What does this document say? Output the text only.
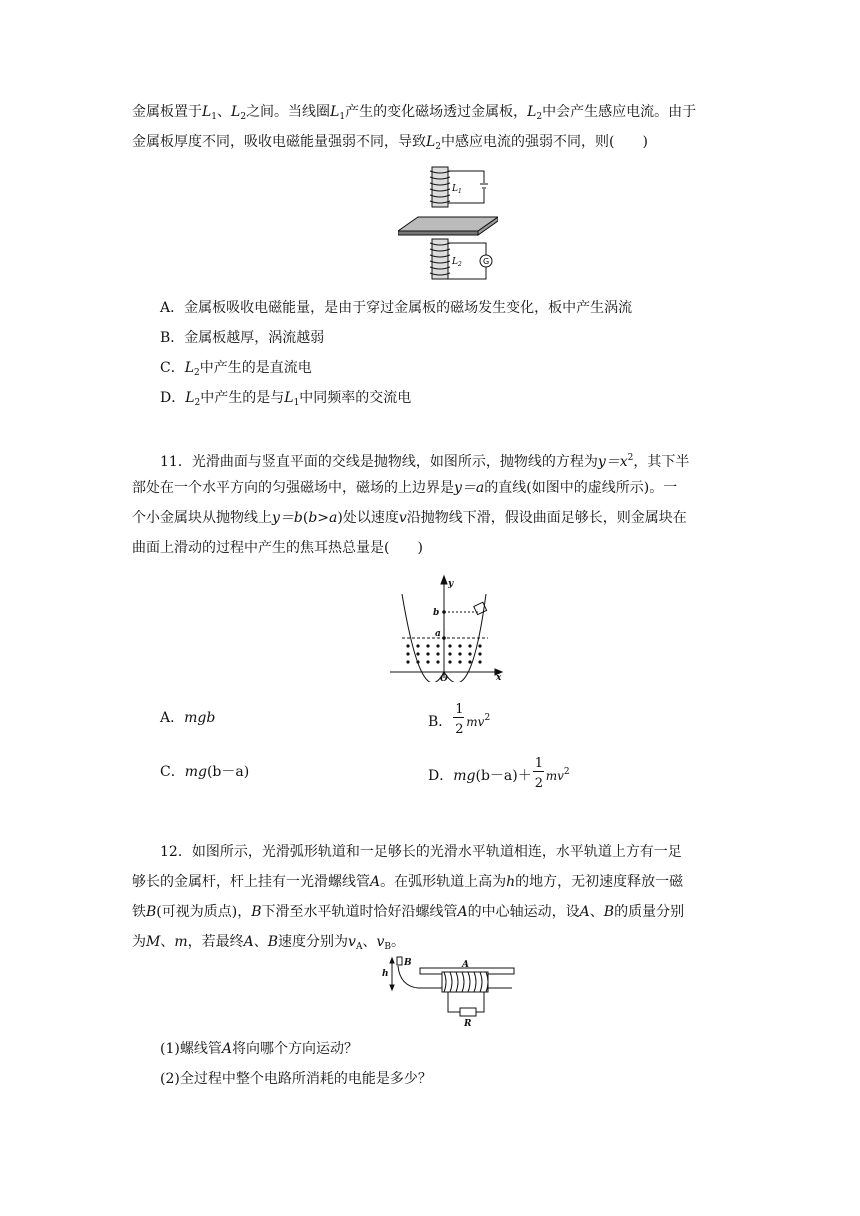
金属板置于$L_1$、$L_2$之间。当线圈$L_1$产生的变化磁场透过金属板，$L_2$中会产生感应电流。由于
金属板厚度不同，吸收电磁能量强弱不同，导致$L_2$中感应电流的强弱不同，则(　　)
$L_1$
$L_2$	G
A．金属板吸收电磁能量，是由于穿过金属板的磁场发生变化，板中产生涡流
B．金属板越厚，涡流越弱
C．$L_2$中产生的是直流电
D．$L_2$中产生的是与$L_1$中同频率的交流电
11．光滑曲面与竖直平面的交线是抛物线，如图所示，抛物线的方程为$y=x^2$，其下半
部处在一个水平方向的匀强磁场中，磁场的上边界是y＝a的直线(如图中的虚线所示)。一
个小金属块从抛物线上y＝b(b>a)处以速度v沿抛物线下滑，假设曲面足够长，则金属块在
曲面上滑动的过程中产生的焦耳热总量是(　　)
y
x
b
a
O
A．mgb	B． $\frac{1}{2} mv^2$
C．mg(b－a)	D．$mg(b-a)+ \frac{1}{2} mv^2$
12．如图所示，光滑弧形轨道和一足够长的光滑水平轨道相连，水平轨道上方有一足
够长的金属杆，杆上挂有一光滑螺线管A。在弧形轨道上高为h的地方，无初速度释放一磁
铁B(可视为质点)，B下滑至水平轨道时恰好沿螺线管A的中心轴运动，设A、B的质量分别
为M、m，若最终A、B速度分别为$v_A$、$v_B$。
h
B	A
R
(1)螺线管A将向哪个方向运动？
(2)全过程中整个电路所消耗的电能是多少？
